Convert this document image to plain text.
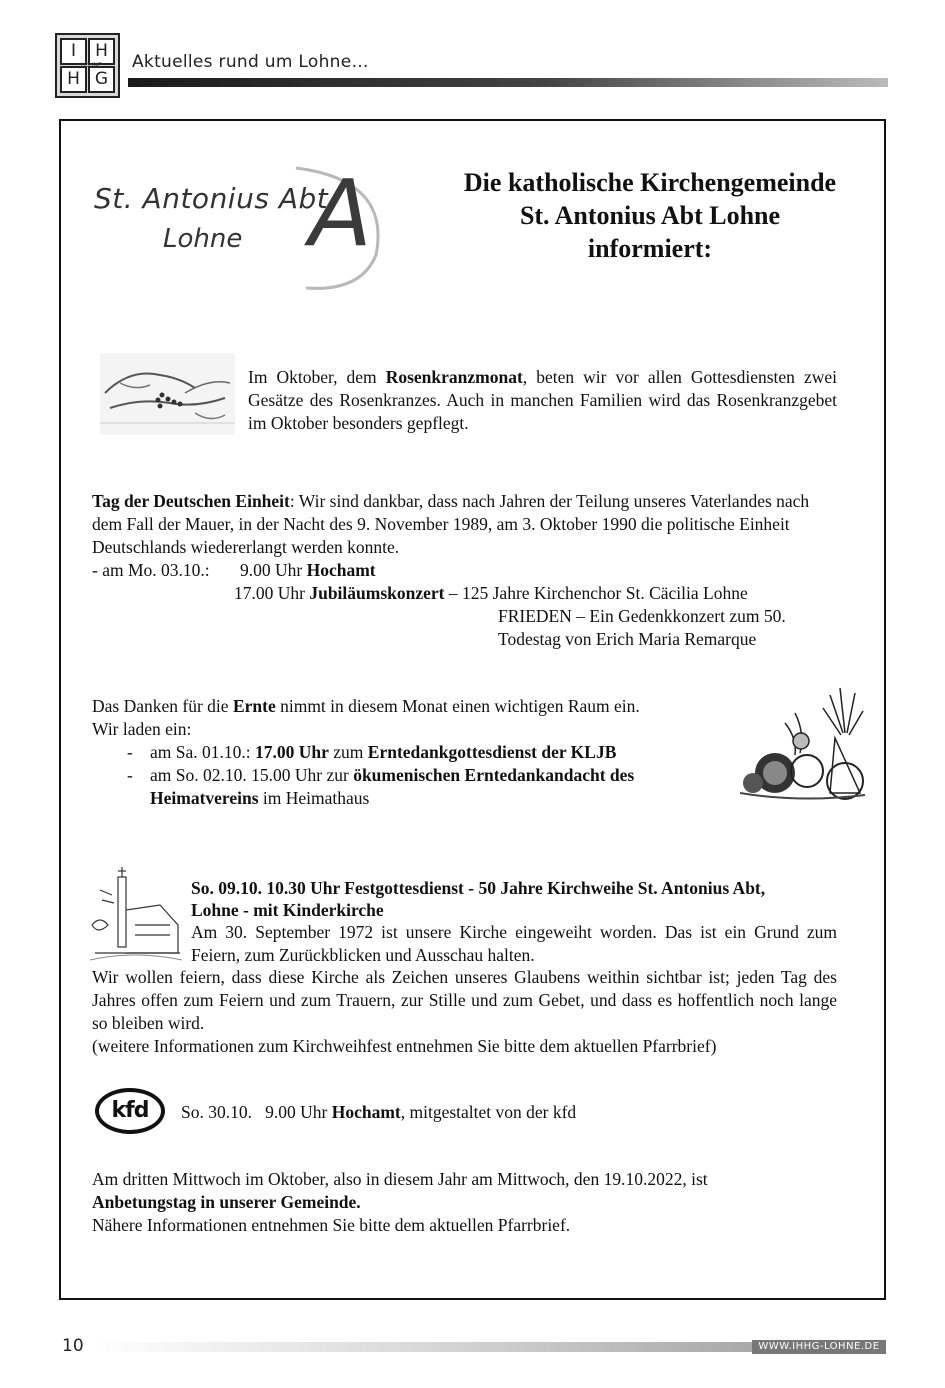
I	H
H G
LOHNE Aktuelles rund um Lohne…
St. Antonius Abt
Lohne A	Die katholische Kirchengemeinde
St. Antonius Abt Lohne
informiert:
Im Oktober, dem Rosenkranzmonat, beten wir vor allen Gottesdiensten zwei Gesätze des Rosenkranzes. Auch in manchen Familien wird das Rosenkranzgebet im Oktober besonders gepflegt.
Tag der Deutschen Einheit: Wir sind dankbar, dass nach Jahren der Teilung unseres Vaterlandes nach dem Fall der Mauer, in der Nacht des 9. November 1989, am 3. Oktober 1990 die politische Einheit Deutschlands wiedererlangt werden konnte.
- am Mo. 03.10.: 9.00 Uhr Hochamt
17.00 Uhr Jubiläumskonzert – 125 Jahre Kirchenchor St. Cäcilia Lohne
FRIEDEN – Ein Gedenkkonzert zum 50.
Todestag von Erich Maria Remarque
Das Danken für die Ernte nimmt in diesem Monat einen wichtigen Raum ein.
Wir laden ein:
- am Sa. 01.10.: 17.00 Uhr zum Erntedankgottesdienst der KLJB
- am So. 02.10. 15.00 Uhr zur ökumenischen Erntedankandacht des
Heimatvereins im Heimathaus
So. 09.10. 10.30 Uhr Festgottesdienst - 50 Jahre Kirchweihe St. Antonius Abt,
Lohne - mit Kinderkirche
Am 30. September 1972 ist unsere Kirche eingeweiht worden. Das ist ein Grund zum Feiern, zum Zurückblicken und Ausschau halten.
Wir wollen feiern, dass diese Kirche als Zeichen unseres Glaubens weithin sichtbar ist; jeden Tag des Jahres offen zum Feiern und zum Trauern, zur Stille und zum Gebet, und dass es hoffentlich noch lange so bleiben wird.
(weitere Informationen zum Kirchweihfest entnehmen Sie bitte dem aktuellen Pfarrbrief)
kfd	So. 30.10.   9.00 Uhr Hochamt, mitgestaltet von der kfd
Am dritten Mittwoch im Oktober, also in diesem Jahr am Mittwoch, den 19.10.2022, ist
Anbetungstag in unserer Gemeinde.
Nähere Informationen entnehmen Sie bitte dem aktuellen Pfarrbrief.
10	WWW.IHHG-LOHNE.DE
